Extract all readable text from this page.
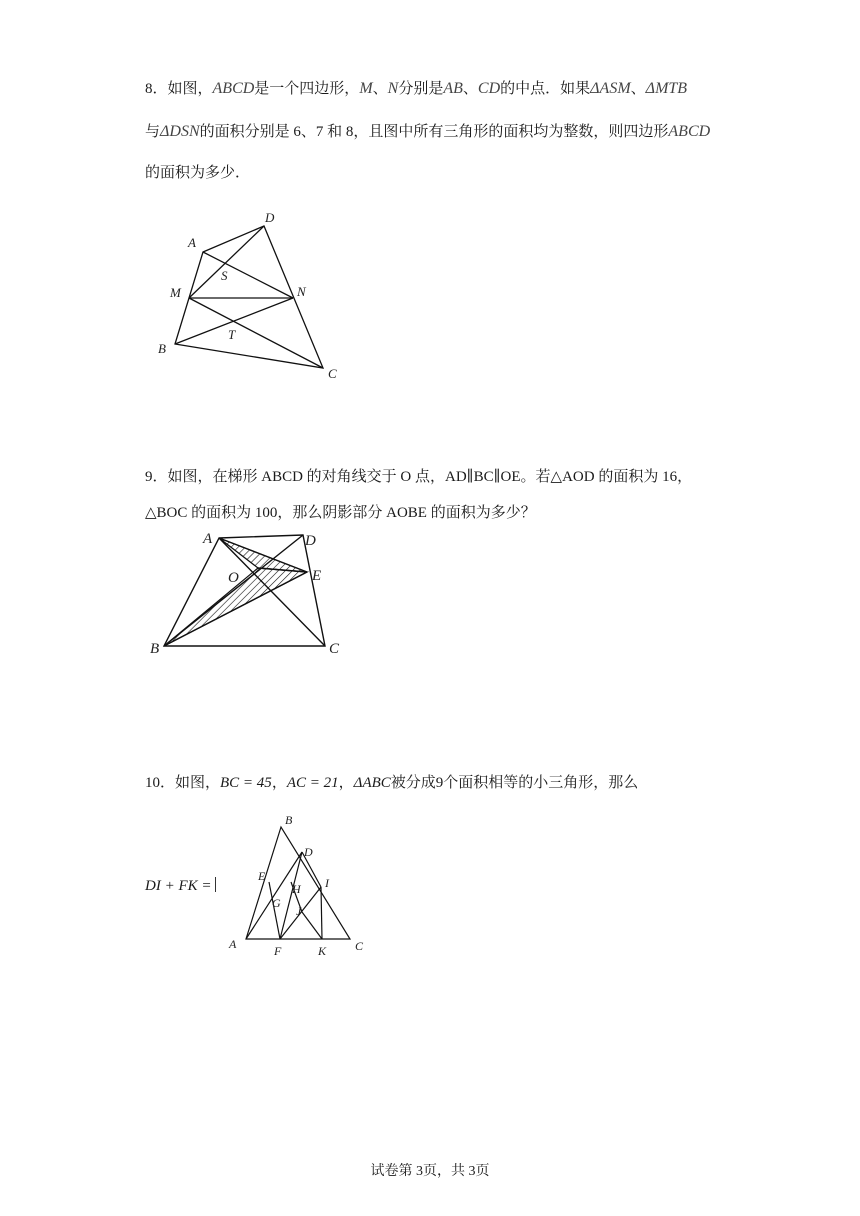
8．如图，ABCD是一个四边形，M、N分别是AB、CD的中点．如果ΔASM、ΔMTB
与ΔDSN的面积分别是 6、7 和 8，且图中所有三角形的面积均为整数，则四边形ABCD
的面积为多少．
A
D
S
M	N
T
B
C
9．如图，在梯形 ABCD 的对角线交于 O 点，AD∥BC∥OE。若△AOD 的面积为 16，
△BOC 的面积为 100，那么阴影部分 AOBE 的面积为多少？
A	D
O	E
B	C
10．如图，BC = 45，AC = 21，ΔABC被分成9个面积相等的小三角形，那么
DI + FK =
B
D
E
H I
G
J
A	F	K C
试卷第 3页，共 3页
